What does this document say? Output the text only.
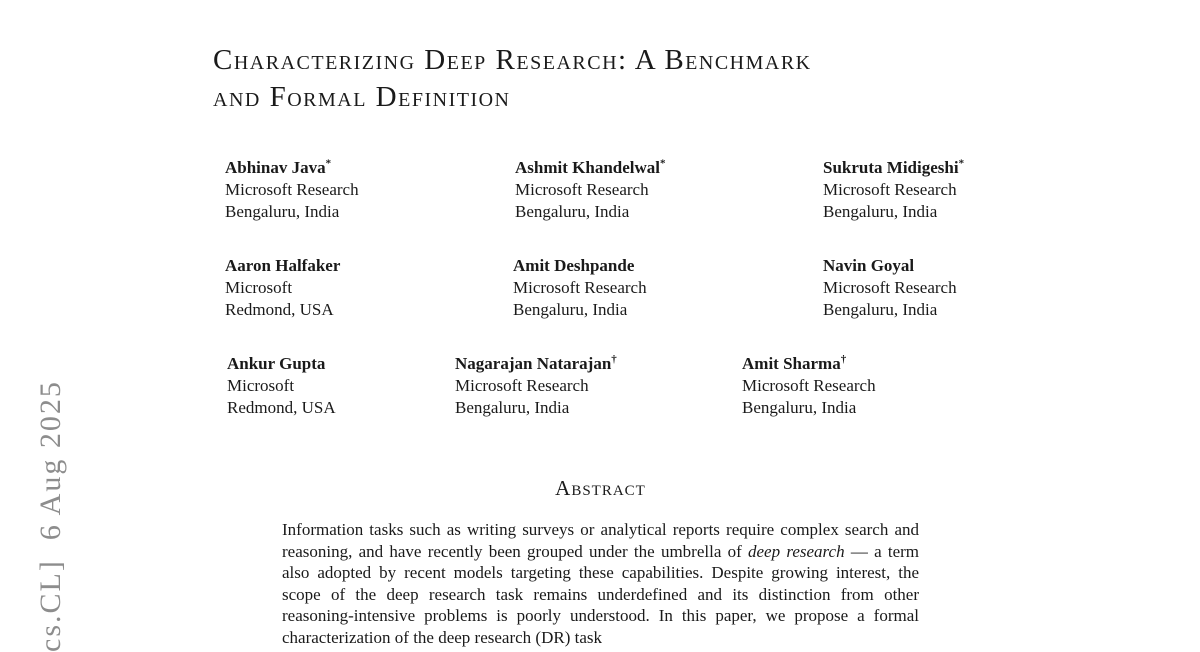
cs.CL]  6 Aug 2025
Characterizing Deep Research: A Benchmark
and Formal Definition
Abhinav Java*
Microsoft Research
Bengaluru, India
Ashmit Khandelwal*
Microsoft Research
Bengaluru, India
Sukruta Midigeshi*
Microsoft Research
Bengaluru, India
Aaron Halfaker
Microsoft
Redmond, USA
Amit Deshpande
Microsoft Research
Bengaluru, India
Navin Goyal
Microsoft Research
Bengaluru, India
Ankur Gupta
Microsoft
Redmond, USA
Nagarajan Natarajan†
Microsoft Research
Bengaluru, India
Amit Sharma†
Microsoft Research
Bengaluru, India
Abstract

Information tasks such as writing surveys or analytical reports require complex search and reasoning, and have recently been grouped under the umbrella of deep research — a term also adopted by recent models targeting these capabilities. Despite growing interest, the scope of the deep research task remains underdefined and its distinction from other reasoning-intensive problems is poorly understood. In this paper, we propose a formal characterization of the deep research (DR) task
